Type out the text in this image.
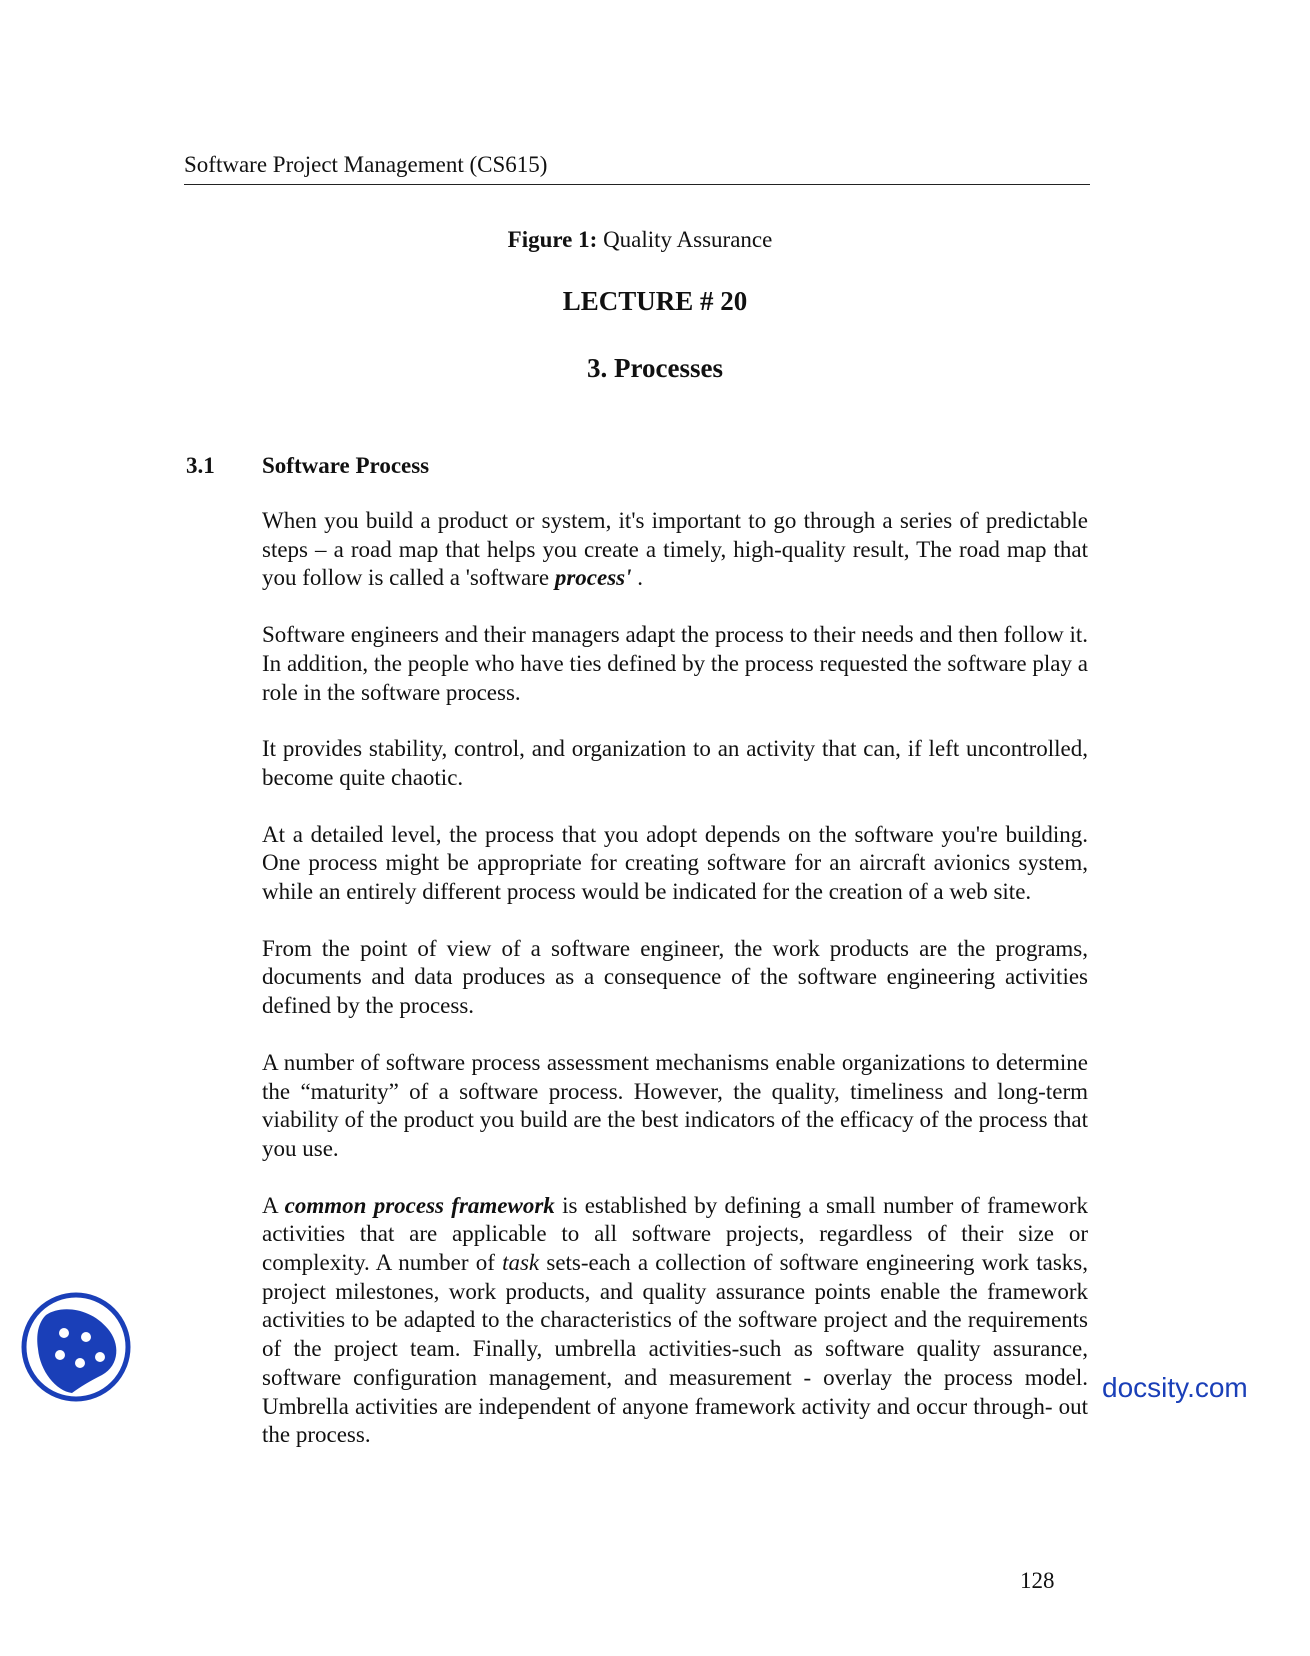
Software Project Management (CS615)
Figure 1: Quality Assurance
LECTURE # 20
3. Processes
3.1 Software Process

When you build a product or system, it's important to go through a series of predictable steps – a road map that helps you create a timely, high-quality result, The road map that you follow is called a 'software process' .

Software engineers and their managers adapt the process to their needs and then follow it. In addition, the people who have ties defined by the process requested the software play a role in the software process.

It provides stability, control, and organization to an activity that can, if left uncontrolled, become quite chaotic.

At a detailed level, the process that you adopt depends on the software you're building. One process might be appropriate for creating software for an aircraft avionics system, while an entirely different process would be indicated for the creation of a web site.

From the point of view of a software engineer, the work products are the programs, documents and data produces as a consequence of the software engineering activities defined by the process.

A number of software process assessment mechanisms enable organizations to determine the “maturity” of a software process. However, the quality, timeliness and long-term viability of the product you build are the best indicators of the efficacy of the process that you use.

A common process framework is established by defining a small number of framework activities that are applicable to all software projects, regardless of their size or complexity. A number of task sets-each a collection of software engineering work tasks, project milestones, work products, and quality assurance points enable the framework activities to be adapted to the characteristics of the software project and the requirements of the project team. Finally, umbrella activities-such as software quality assurance, software configuration management, and measurement - overlay the process model. Umbrella activities are independent of anyone framework activity and occur through- out the process.

128
docsity.com
